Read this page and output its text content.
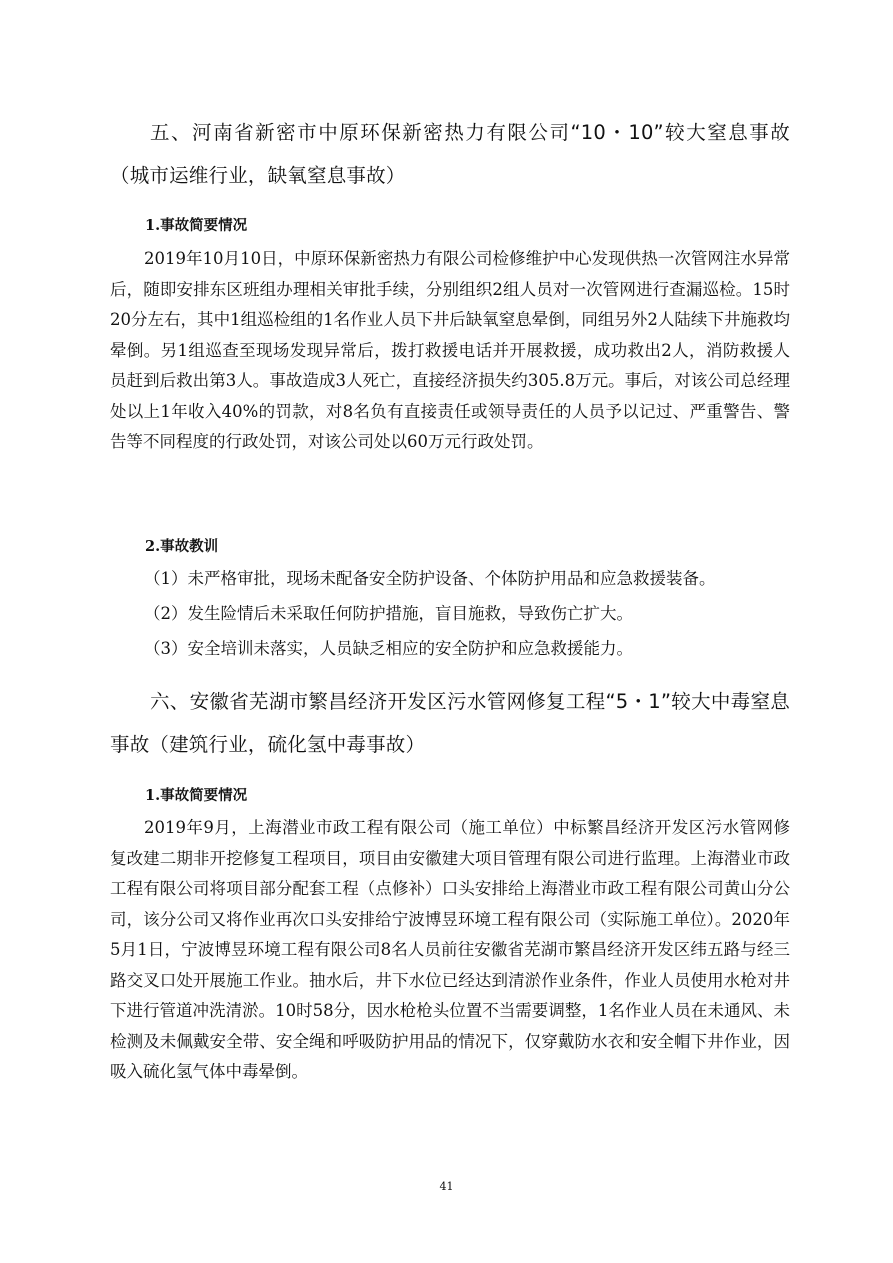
五、河南省新密市中原环保新密热力有限公司“10・10”较大窒息事故（城市运维行业，缺氧窒息事故）

1.事故简要情况

2019年10月10日，中原环保新密热力有限公司检修维护中心发现供热一次管网注水异常后，随即安排东区班组办理相关审批手续，分别组织2组人员对一次管网进行查漏巡检。15时20分左右，其中1组巡检组的1名作业人员下井后缺氧窒息晕倒，同组另外2人陆续下井施救均晕倒。另1组巡查至现场发现异常后，拨打救援电话并开展救援，成功救出2人，消防救援人员赶到后救出第3人。事故造成3人死亡，直接经济损失约305.8万元。事后，对该公司总经理处以上1年收入40%的罚款，对8名负有直接责任或领导责任的人员予以记过、严重警告、警告等不同程度的行政处罚，对该公司处以60万元行政处罚。

2.事故教训

（1）未严格审批，现场未配备安全防护设备、个体防护用品和应急救援装备。

（2）发生险情后未采取任何防护措施，盲目施救，导致伤亡扩大。

（3）安全培训未落实，人员缺乏相应的安全防护和应急救援能力。

六、安徽省芜湖市繁昌经济开发区污水管网修复工程“5・1”较大中毒窒息事故（建筑行业，硫化氢中毒事故）

1.事故简要情况

2019年9月，上海潜业市政工程有限公司（施工单位）中标繁昌经济开发区污水管网修复改建二期非开挖修复工程项目，项目由安徽建大项目管理有限公司进行监理。上海潜业市政工程有限公司将项目部分配套工程（点修补）口头安排给上海潜业市政工程有限公司黄山分公司，该分公司又将作业再次口头安排给宁波博昱环境工程有限公司（实际施工单位）。2020年5月1日，宁波博昱环境工程有限公司8名人员前往安徽省芜湖市繁昌经济开发区纬五路与经三路交叉口处开展施工作业。抽水后，井下水位已经达到清淤作业条件，作业人员使用水枪对井下进行管道冲洗清淤。10时58分，因水枪枪头位置不当需要调整，1名作业人员在未通风、未检测及未佩戴安全带、安全绳和呼吸防护用品的情况下，仅穿戴防水衣和安全帽下井作业，因吸入硫化氢气体中毒晕倒。

41
